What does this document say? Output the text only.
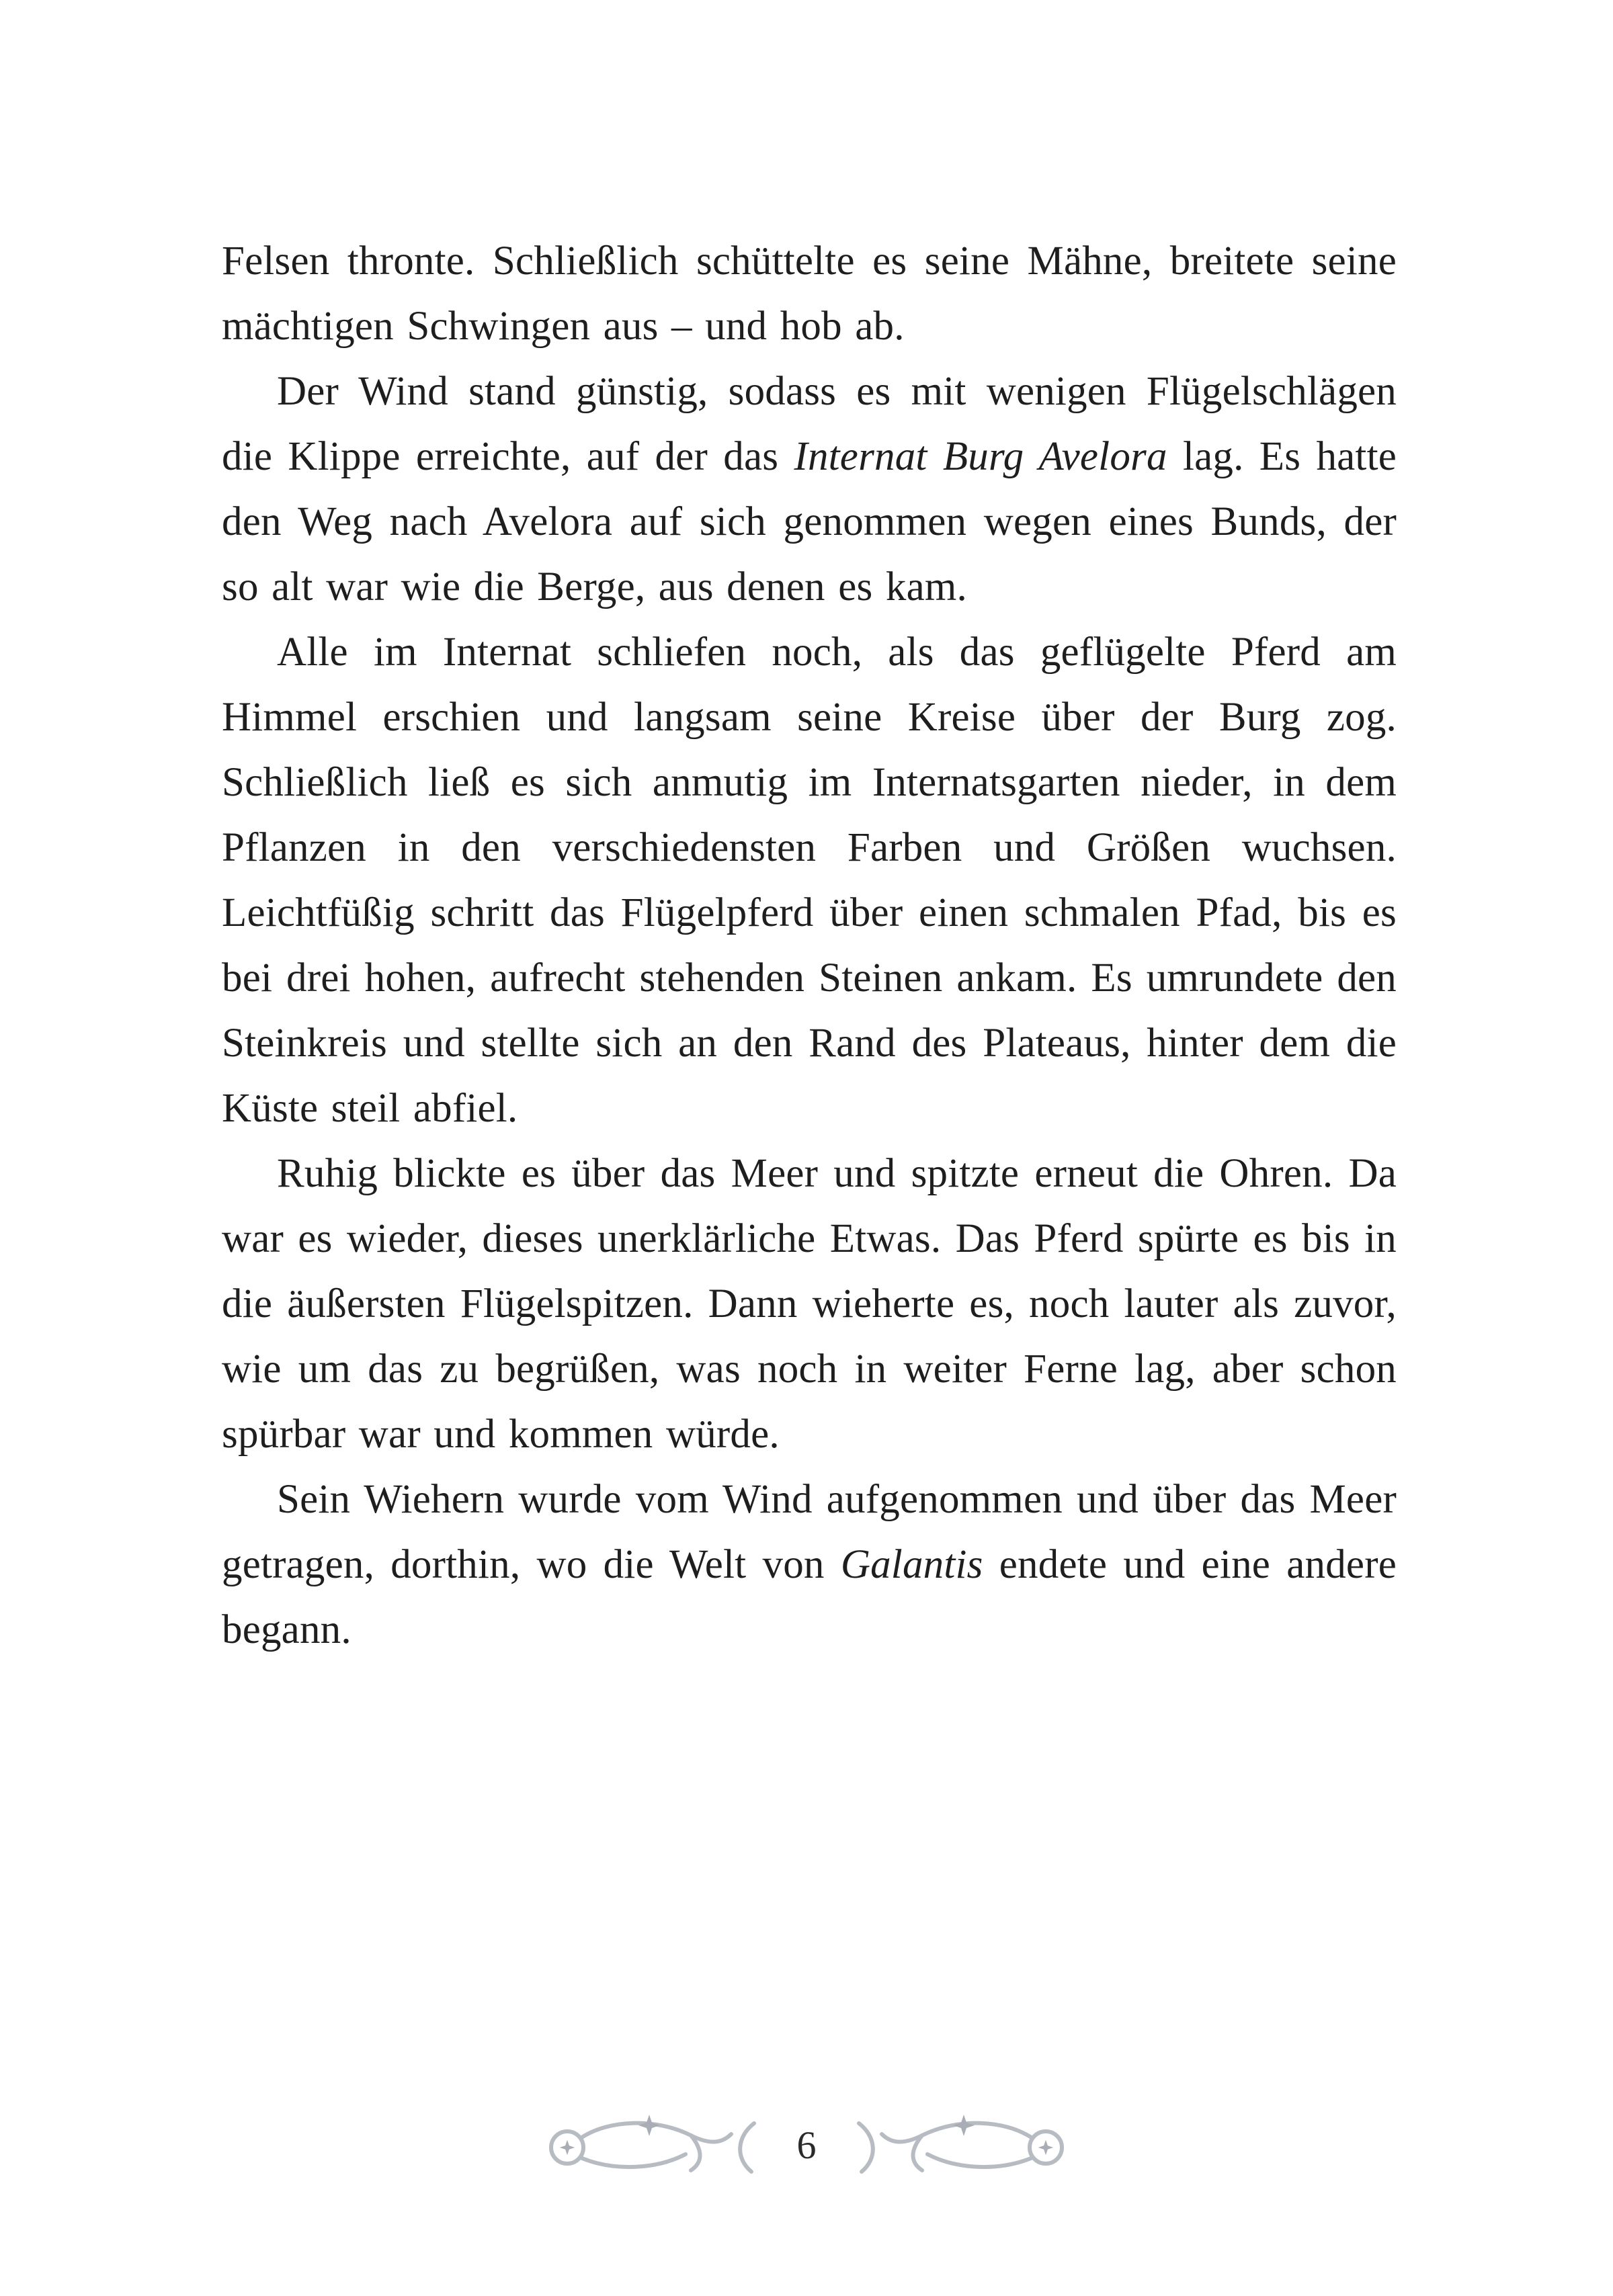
Felsen thronte. Schließlich schüttelte es seine Mähne, breitete seine mächtigen Schwingen aus – und hob ab.

Der Wind stand günstig, sodass es mit wenigen Flügelschlägen die Klippe erreichte, auf der das Internat Burg Avelora lag. Es hatte den Weg nach Avelora auf sich genommen wegen eines Bunds, der so alt war wie die Berge, aus denen es kam.

Alle im Internat schliefen noch, als das geflügelte Pferd am Himmel erschien und langsam seine Kreise über der Burg zog. Schließlich ließ es sich anmutig im Internatsgarten nieder, in dem Pflanzen in den verschiedensten Farben und Größen wuchsen. Leichtfüßig schritt das Flügelpferd über einen schmalen Pfad, bis es bei drei hohen, aufrecht stehenden Steinen ankam. Es umrundete den Steinkreis und stellte sich an den Rand des Plateaus, hinter dem die Küste steil abfiel.

Ruhig blickte es über das Meer und spitzte erneut die Ohren. Da war es wieder, dieses unerklärliche Etwas. Das Pferd spürte es bis in die äußersten Flügelspitzen. Dann wieherte es, noch lauter als zuvor, wie um das zu begrüßen, was noch in weiter Ferne lag, aber schon spürbar war und kommen würde.

Sein Wiehern wurde vom Wind aufgenommen und über das Meer getragen, dorthin, wo die Welt von Galantis endete und eine andere begann.

6
